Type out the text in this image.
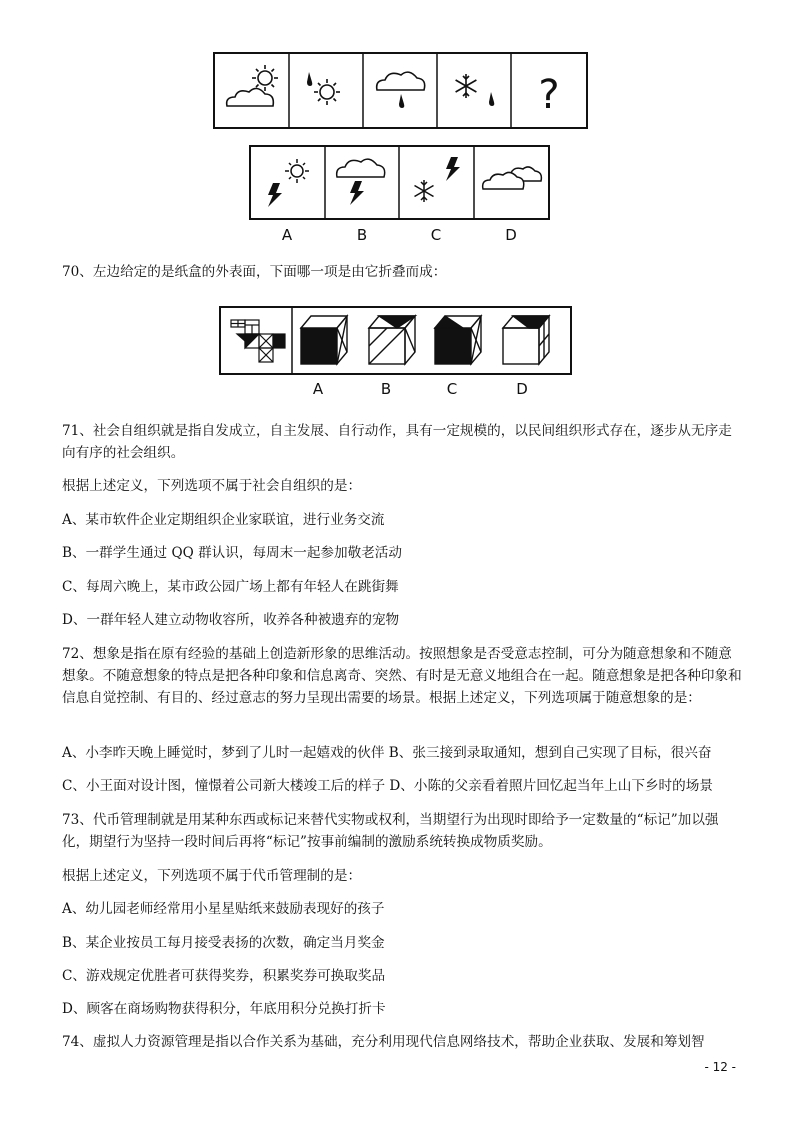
?
A	B	C	D
70、左边给定的是纸盒的外表面，下面哪一项是由它折叠而成：
A	B	C	D
71、社会自组织就是指自发成立，自主发展、自行动作，具有一定规模的，以民间组织形式存在，逐步从无序走向有序的社会组织。
根据上述定义，下列选项不属于社会自组织的是：
A、某市软件企业定期组织企业家联谊，进行业务交流
B、一群学生通过 QQ 群认识，每周末一起参加敬老活动
C、每周六晚上，某市政公园广场上都有年轻人在跳街舞
D、一群年轻人建立动物收容所，收养各种被遗弃的宠物
72、想象是指在原有经验的基础上创造新形象的思维活动。按照想象是否受意志控制，可分为随意想象和不随意想象。不随意想象的特点是把各种印象和信息离奇、突然、有时是无意义地组合在一起。随意想象是把各种印象和信息自觉控制、有目的、经过意志的努力呈现出需要的场景。根据上述定义，下列选项属于随意想象的是：
A、小李昨天晚上睡觉时，梦到了儿时一起嬉戏的伙伴 B、张三接到录取通知，想到自己实现了目标，很兴奋
C、小王面对设计图，憧憬着公司新大楼竣工后的样子 D、小陈的父亲看着照片回忆起当年上山下乡时的场景
73、代币管理制就是用某种东西或标记来替代实物或权利，当期望行为出现时即给予一定数量的“标记”加以强化，期望行为坚持一段时间后再将“标记”按事前编制的激励系统转换成物质奖励。
根据上述定义，下列选项不属于代币管理制的是：
A、幼儿园老师经常用小星星贴纸来鼓励表现好的孩子
B、某企业按员工每月接受表扬的次数，确定当月奖金
C、游戏规定优胜者可获得奖券，积累奖券可换取奖品
D、顾客在商场购物获得积分，年底用积分兑换打折卡
74、虚拟人力资源管理是指以合作关系为基础，充分利用现代信息网络技术，帮助企业获取、发展和筹划智
- 12 -
